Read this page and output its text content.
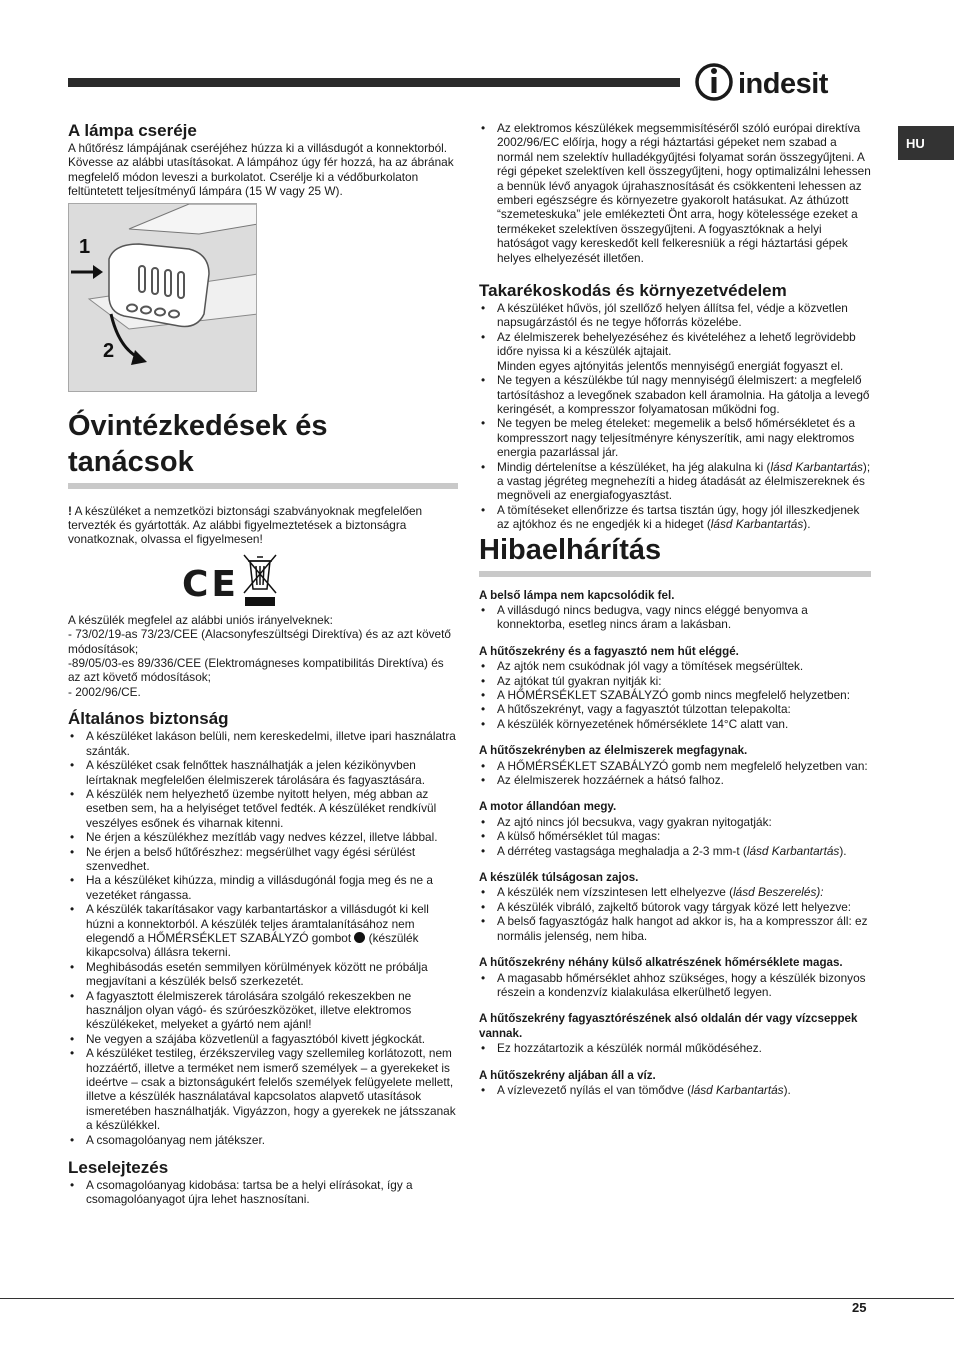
indesit
HU
A lámpa cseréje

A hűtőrész lámpájának cseréjéhez húzza ki a villásdugót a konnektorból. Kövesse az alábbi utasításokat. A lámpához úgy fér hozzá, ha az ábrának megfelelő módon leveszi a burkolatot. Cserélje ki a védőburkolaton feltüntetett teljesítményű lámpára (15 W vagy 25 W).

1
2
Óvintézkedések és
tanácsok

! A készüléket a nemzetközi biztonsági szabványoknak megfelelően tervezték és gyártották. Az alábbi figyelmeztetések a biztonságra vonatkoznak, olvassa el figyelmesen!

CE

A készülék megfelel az alábbi uniós irányelveknek:

- 73/02/19-as 73/23/CEE (Alacsonyfeszültségi Direktíva) és az azt követő módosítások;

-89/05/03-es 89/336/CEE (Elektromágneses kompatibilitás Direktíva) és az azt követő módosítások;

- 2002/96/CE.

Általános biztonság
• A készüléket lakáson belüli, nem kereskedelmi, illetve ipari használatra szánták.
• A készüléket csak felnőttek használhatják a jelen kézikönyvben leírtaknak megfelelően élelmiszerek tárolására és fagyasztására.
• A készülék nem helyezhető üzembe nyitott helyen, még abban az esetben sem, ha a helyiséget tetővel fedték. A készüléket rendkívül veszélyes esőnek és viharnak kitenni.
• Ne érjen a készülékhez mezítláb vagy nedves kézzel, illetve lábbal.
• Ne érjen a belső hűtőrészhez: megsérülhet vagy égési sérülést szenvedhet.
• Ha a készüléket kihúzza, mindig a villásdugónál fogja meg és ne a vezetéket rángassa.
• A készülék takarításakor vagy karbantartáskor a villásdugót ki kell húzni a konnektorból. A készülék teljes áramtalanításához nem elegendő a HŐMÉRSÉKLET SZABÁLYZÓ gombot  (készülék kikapcsolva) állásra tekerni.
• Meghibásodás esetén semmilyen körülmények között ne próbálja megjavítani a készülék belső szerkezetét.
• A fagyasztott élelmiszerek tárolására szolgáló rekeszekben ne használjon olyan vágó- és szúróeszközöket, illetve elektromos készülékeket, melyeket a gyártó nem ajánl!
• Ne vegyen a szájába közvetlenül a fagyasztóból kivett jégkockát.
• A készüléket testileg, érzékszervileg vagy szellemileg korlátozott, nem hozzáértő, illetve a terméket nem ismerő személyek – a gyerekeket is ideértve – csak a biztonságukért felelős személyek felügyelete mellett, illetve a készülék használatával kapcsolatos alapvető utasítások ismeretében használhatják. Vigyázzon, hogy a gyerekek ne játsszanak a készülékkel.
• A csomagolóanyag nem játékszer.
Leselejtezés
• A csomagolóanyag kidobása: tartsa be a helyi elírásokat, így a csomagolóanyagot újra lehet hasznosítani.
• Az elektromos készülékek megsemmisítéséről szóló európai direktíva 2002/96/EC előírja, hogy a régi háztartási gépeket nem szabad a normál nem szelektív hulladékgyűjtési folyamat során összegyűjteni. A régi gépeket szelektíven kell összegyűjteni, hogy optimalizálni lehessen a bennük lévő anyagok újrahasznosítását és csökkenteni lehessen az emberi egészségre és környezetre gyakorolt hatásukat. Az áthúzott “szemeteskuka” jele emlékezteti Önt arra, hogy kötelessége ezeket a termékeket szelektíven összegyűjteni. A fogyasztóknak a helyi hatóságot vagy kereskedőt kell felkeresniük a régi háztartási gépek helyes elhelyezését illetően.
Takarékoskodás és környezetvédelem
• A készüléket hűvös, jól szellőző helyen állítsa fel, védje a közvetlen napsugárzástól és ne tegye hőforrás közelébe.
• Az élelmiszerek behelyezéséhez és kivételéhez a lehető legrövidebb időre nyissa ki a készülék ajtajait.
Minden egyes ajtónyitás jelentős mennyiségű energiát fogyaszt el.
• Ne tegyen a készülékbe túl nagy mennyiségű élelmiszert: a megfelelő tartósításhoz a levegőnek szabadon kell áramolnia. Ha gátolja a levegő keringését, a kompresszor folyamatosan működni fog.
• Ne tegyen be meleg ételeket: megemelik a belső hőmérsékletet és a kompresszort nagy teljesítményre kényszerítik, ami nagy elektromos energia pazarlással jár.
• Mindig dértelenítse a készüléket, ha jég alakulna ki (lásd Karbantartás); a vastag jégréteg megnehezíti a hideg átadását az élelmiszereknek és megnöveli az energiafogyasztást.
• A tömítéseket ellenőrizze és tartsa tisztán úgy, hogy jól illeszkedjenek az ajtókhoz és ne engedjék ki a hideget (lásd Karbantartás).
Hibaelhárítás

A belső lámpa nem kapcsolódik fel.

• A villásdugó nincs bedugva, vagy nincs eléggé benyomva a konnektorba, esetleg nincs áram a lakásban.

A hűtőszekrény és a fagyasztó nem hűt eléggé.

• Az ajtók nem csukódnak jól vagy a tömítések megsérültek.
• Az ajtókat túl gyakran nyitják ki:
• A HŐMÉRSÉKLET SZABÁLYZÓ gomb nincs megfelelő helyzetben:
• A hűtőszekrényt, vagy a fagyasztót túlzottan telepakolta:
• A készülék környezetének hőmérséklete 14°C alatt van.

A hűtőszekrényben az élelmiszerek megfagynak.

• A HŐMÉRSÉKLET SZABÁLYZÓ gomb nem megfelelő helyzetben van:
• Az élelmiszerek hozzáérnek a hátsó falhoz.

A motor állandóan megy.

• Az ajtó nincs jól becsukva, vagy gyakran nyitogatják:
• A külső hőmérséklet túl magas:
• A dérréteg vastagsága meghaladja a 2-3 mm-t (lásd Karbantartás).

A készülék túlságosan zajos.

• A készülék nem vízszintesen lett elhelyezve (lásd Beszerelés):
• A készülék vibráló, zajkeltő bútorok vagy tárgyak közé lett helyezve:
• A belső fagyasztógáz halk hangot ad akkor is, ha a kompresszor áll: ez normális jelenség, nem hiba.

A hűtőszekrény néhány külső alkatrészének hőmérséklete magas.

• A magasabb hőmérséklet ahhoz szükséges, hogy a készülék bizonyos részein a kondenzvíz kialakulása elkerülhető legyen.

A hűtőszekrény fagyasztórészének alsó oldalán dér vagy vízcseppek vannak.

• Ez hozzátartozik a készülék normál működéséhez.

A hűtőszekrény aljában áll a víz.

• A vízlevezető nyílás el van tömődve (lásd Karbantartás).
25
